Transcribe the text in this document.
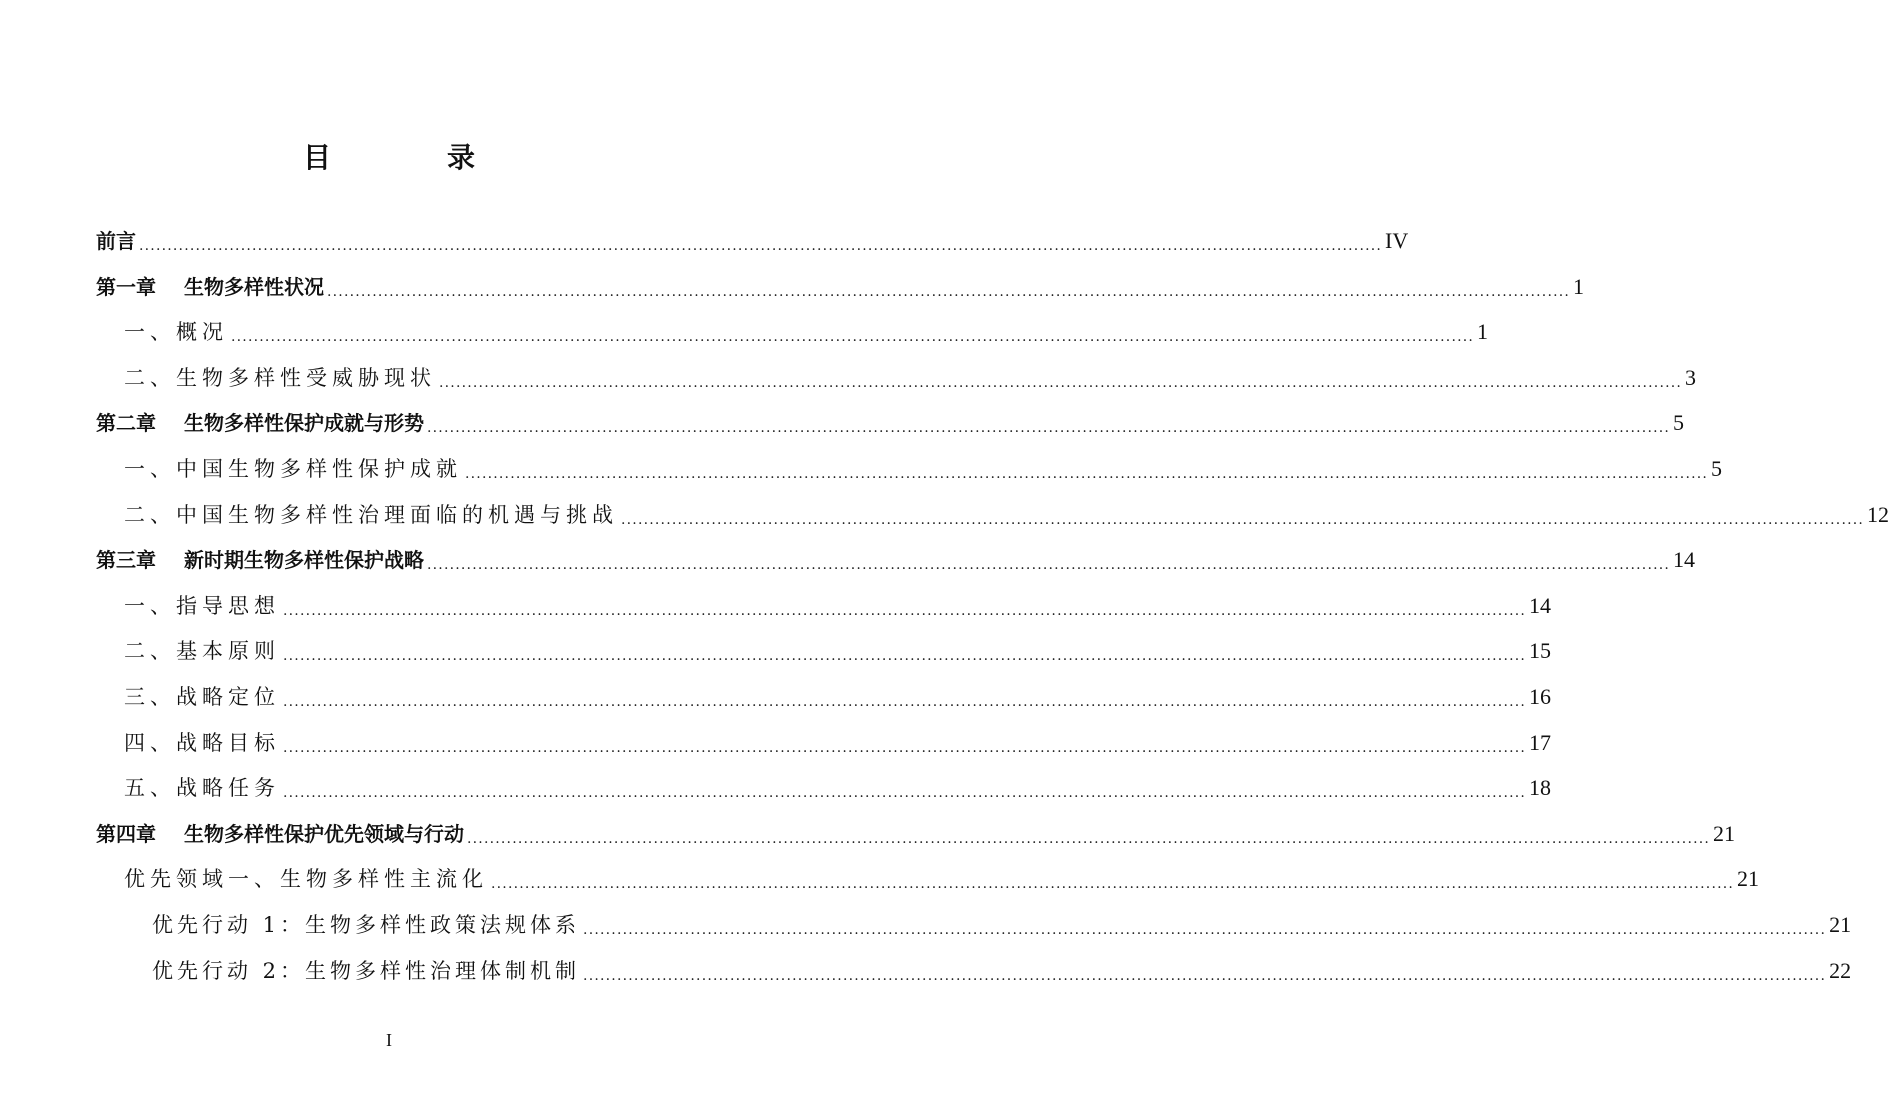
目　录
前言 ............................................................................................................................................................................................................................ IV
第一章 生物多样性状况 ............................................................................................................................................................................................................................ 1
一、概况 ............................................................................................................................................................................................................................ 1
二、生物多样性受威胁现状 ............................................................................................................................................................................................................................ 3
第二章 生物多样性保护成就与形势 ............................................................................................................................................................................................................................ 5
一、中国生物多样性保护成就 ............................................................................................................................................................................................................................ 5
二、中国生物多样性治理面临的机遇与挑战 ............................................................................................................................................................................................................................ 12
第三章 新时期生物多样性保护战略 ............................................................................................................................................................................................................................ 14
一、指导思想 ............................................................................................................................................................................................................................ 14
二、基本原则 ............................................................................................................................................................................................................................ 15
三、战略定位 ............................................................................................................................................................................................................................ 16
四、战略目标 ............................................................................................................................................................................................................................ 17
五、战略任务 ............................................................................................................................................................................................................................ 18
第四章 生物多样性保护优先领域与行动 ............................................................................................................................................................................................................................ 21
优先领域一、生物多样性主流化 ............................................................................................................................................................................................................................ 21
优先行动 1：生物多样性政策法规体系 ............................................................................................................................................................................................................................ 21
优先行动 2：生物多样性治理体制机制 ............................................................................................................................................................................................................................ 22
I
